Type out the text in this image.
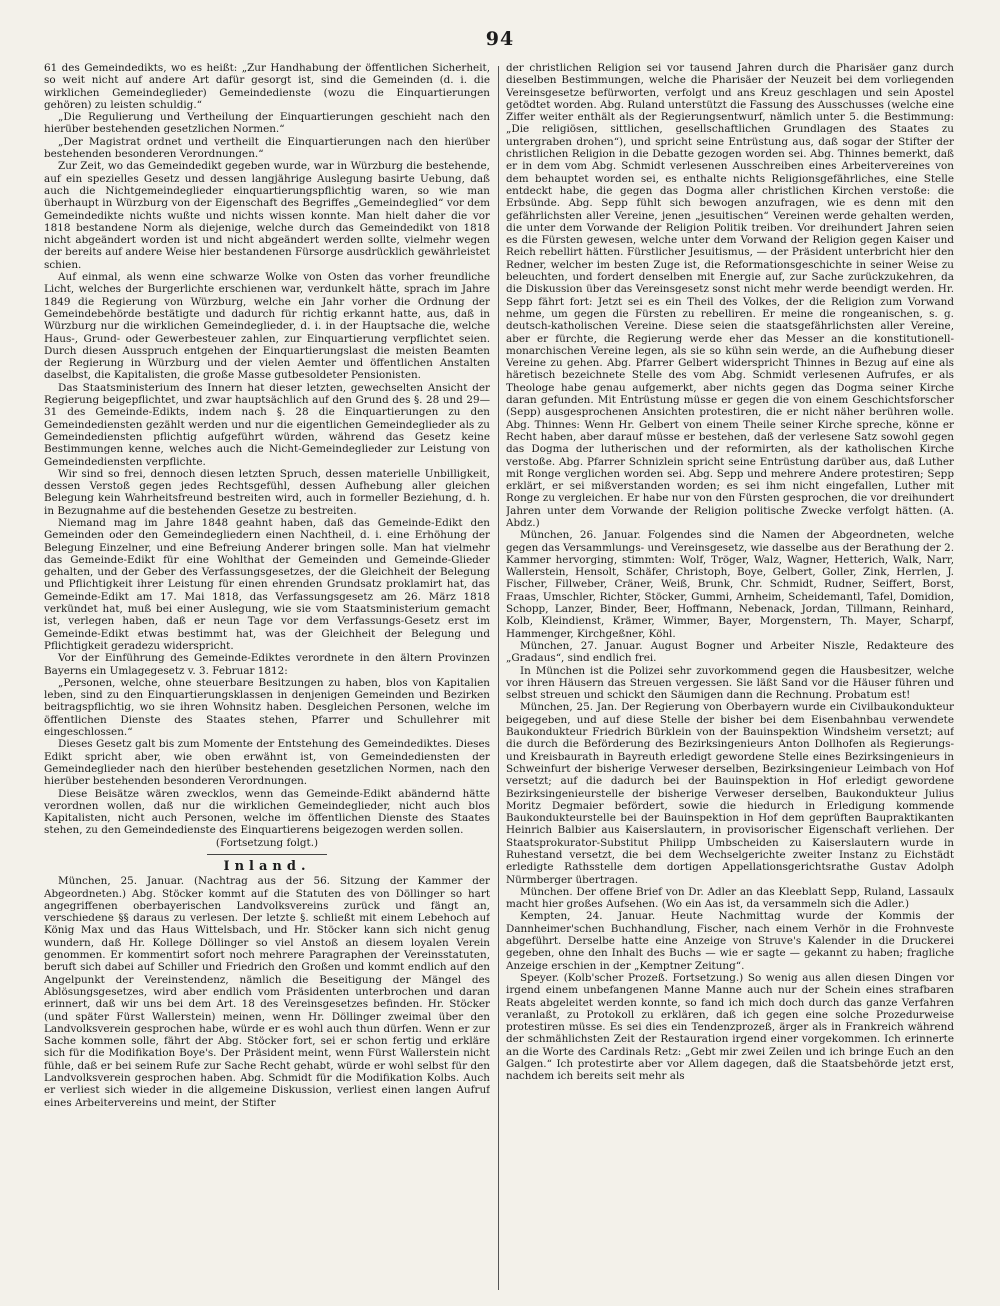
94

61 des Gemeindedikts, wo es heißt: „Zur Handhabung der öffentlichen Sicherheit, so weit nicht auf andere Art dafür gesorgt ist, sind die Gemeinden (d. i. die wirklichen Gemeindeglieder) Gemeindedienste (wozu die Einquartierungen gehören) zu leisten schuldig.“

„Die Regulierung und Vertheilung der Einquartierungen geschieht nach den hierüber bestehenden gesetzlichen Normen.“

„Der Magistrat ordnet und vertheilt die Einquartierungen nach den hierüber bestehenden besonderen Verordnungen.“

Zur Zeit, wo das Gemeindedikt gegeben wurde, war in Würzburg die bestehende, auf ein spezielles Gesetz und dessen langjährige Auslegung basirte Uebung, daß auch die Nichtgemeindeglieder einquartierungspflichtig waren, so wie man überhaupt in Würzburg von der Eigenschaft des Begriffes „Gemeindeglied“ vor dem Gemeindedikte nichts wußte und nichts wissen konnte. Man hielt daher die vor 1818 bestandene Norm als diejenige, welche durch das Gemeindedikt von 1818 nicht abgeändert worden ist und nicht abgeändert werden sollte, vielmehr wegen der bereits auf andere Weise hier bestandenen Fürsorge ausdrücklich gewährleistet schien.

Auf einmal, als wenn eine schwarze Wolke von Osten das vorher freundliche Licht, welches der Burgerlichte erschienen war, verdunkelt hätte, sprach im Jahre 1849 die Regierung von Würzburg, welche ein Jahr vorher die Ordnung der Gemeindebehörde bestätigte und dadurch für richtig erkannt hatte, aus, daß in Würzburg nur die wirklichen Gemeindeglieder, d. i. in der Hauptsache die, welche Haus-, Grund- oder Gewerbesteuer zahlen, zur Einquartierung verpflichtet seien. Durch diesen Ausspruch entgehen der Einquartierungslast die meisten Beamten der Regierung in Würzburg und der vielen Aemter und öffentlichen Anstalten daselbst, die Kapitalisten, die große Masse gutbesoldeter Pensionisten.

Das Staatsministerium des Innern hat dieser letzten, gewechselten Ansicht der Regierung beigepflichtet, und zwar hauptsächlich auf den Grund des §. 28 und 29—31 des Gemeinde-Edikts, indem nach §. 28 die Einquartierungen zu den Gemeindediensten gezählt werden und nur die eigentlichen Gemeindeglieder als zu Gemeindediensten pflichtig aufgeführt würden, während das Gesetz keine Bestimmungen kenne, welches auch die Nicht-Gemeindeglieder zur Leistung von Gemeindediensten verpflichte.

Wir sind so frei, dennoch diesen letzten Spruch, dessen materielle Unbilligkeit, dessen Verstoß gegen jedes Rechtsgefühl, dessen Aufhebung aller gleichen Belegung kein Wahrheitsfreund bestreiten wird, auch in formeller Beziehung, d. h. in Bezugnahme auf die bestehenden Gesetze zu bestreiten.

Niemand mag im Jahre 1848 geahnt haben, daß das Gemeinde-Edikt den Gemeinden oder den Gemeindegliedern einen Nachtheil, d. i. eine Erhöhung der Belegung Einzelner, und eine Befreiung Anderer bringen solle. Man hat vielmehr das Gemeinde-Edikt für eine Wohlthat der Gemeinden und Gemeinde-Glieder gehalten, und der Geber des Verfassungsgesetzes, der die Gleichheit der Belegung und Pflichtigkeit ihrer Leistung für einen ehrenden Grundsatz proklamirt hat, das Gemeinde-Edikt am 17. Mai 1818, das Verfassungsgesetz am 26. März 1818 verkündet hat, muß bei einer Auslegung, wie sie vom Staatsministerium gemacht ist, verlegen haben, daß er neun Tage vor dem Verfassungs-Gesetz erst im Gemeinde-Edikt etwas bestimmt hat, was der Gleichheit der Belegung und Pflichtigkeit geradezu widerspricht.

Vor der Einführung des Gemeinde-Ediktes verordnete in den ältern Provinzen Bayerns ein Umlagegesetz v. 3. Februar 1812:

„Personen, welche, ohne steuerbare Besitzungen zu haben, blos von Kapitalien leben, sind zu den Einquartierungsklassen in denjenigen Gemeinden und Bezirken beitragspflichtig, wo sie ihren Wohnsitz haben. Desgleichen Personen, welche im öffentlichen Dienste des Staates stehen, Pfarrer und Schullehrer mit eingeschlossen.“

Dieses Gesetz galt bis zum Momente der Entstehung des Gemeindediktes. Dieses Edikt spricht aber, wie oben erwähnt ist, von Gemeindediensten der Gemeindeglieder nach den hierüber bestehenden gesetzlichen Normen, nach den hierüber bestehenden besonderen Verordnungen.

Diese Beisätze wären zwecklos, wenn das Gemeinde-Edikt abändernd hätte verordnen wollen, daß nur die wirklichen Gemeindeglieder, nicht auch blos Kapitalisten, nicht auch Personen, welche im öffentlichen Dienste des Staates stehen, zu den Gemeindedienste des Einquartierens beigezogen werden sollen.

(Fortsetzung folgt.)

Inland.

München, 25. Januar. (Nachtrag aus der 56. Sitzung der Kammer der Abgeordneten.) Abg. Stöcker kommt auf die Statuten des von Döllinger so hart angegriffenen oberbayerischen Landvolksvereins zurück und fängt an, verschiedene §§ daraus zu verlesen. Der letzte §. schließt mit einem Lebehoch auf König Max und das Haus Wittelsbach, und Hr. Stöcker kann sich nicht genug wundern, daß Hr. Kollege Döllinger so viel Anstoß an diesem loyalen Verein genommen. Er kommentirt sofort noch mehrere Paragraphen der Vereinsstatuten, beruft sich dabei auf Schiller und Friedrich den Großen und kommt endlich auf den Angelpunkt der Vereinstendenz, nämlich die Beseitigung der Mängel des Ablösungsgesetzes, wird aber endlich vom Präsidenten unterbrochen und daran erinnert, daß wir uns bei dem Art. 18 des Vereinsgesetzes befinden. Hr. Stöcker (und später Fürst Wallerstein) meinen, wenn Hr. Döllinger zweimal über den Landvolksverein gesprochen habe, würde er es wohl auch thun dürfen. Wenn er zur Sache kommen solle, fährt der Abg. Stöcker fort, sei er schon fertig und erkläre sich für die Modifikation Boye's. Der Präsident meint, wenn Fürst Wallerstein nicht fühle, daß er bei seinem Rufe zur Sache Recht gehabt, würde er wohl selbst für den Landvolksverein gesprochen haben. Abg. Schmidt für die Modifikation Kolbs. Auch er verliest sich wieder in die allgemeine Diskussion, verliest einen langen Aufruf eines Arbeitervereins und meint, der Stifter

der christlichen Religion sei vor tausend Jahren durch die Pharisäer ganz durch dieselben Bestimmungen, welche die Pharisäer der Neuzeit bei dem vorliegenden Vereinsgesetze befürworten, verfolgt und ans Kreuz geschlagen und sein Apostel getödtet worden. Abg. Ruland unterstützt die Fassung des Ausschusses (welche eine Ziffer weiter enthält als der Regierungsentwurf, nämlich unter 5. die Bestimmung: „Die religiösen, sittlichen, gesellschaftlichen Grundlagen des Staates zu untergraben drohen“), und spricht seine Entrüstung aus, daß sogar der Stifter der christlichen Religion in die Debatte gezogen worden sei. Abg. Thinnes bemerkt, daß er in dem vom Abg. Schmidt verlesenen Ausschreiben eines Arbeitervereines von dem behauptet worden sei, es enthalte nichts Religionsgefährliches, eine Stelle entdeckt habe, die gegen das Dogma aller christlichen Kirchen verstoße: die Erbsünde. Abg. Sepp fühlt sich bewogen anzufragen, wie es denn mit den gefährlichsten aller Vereine, jenen „jesuitischen“ Vereinen werde gehalten werden, die unter dem Vorwande der Religion Politik treiben. Vor dreihundert Jahren seien es die Fürsten gewesen, welche unter dem Vorwand der Religion gegen Kaiser und Reich rebellirt hätten. Fürstlicher Jesuitismus, — der Präsident unterbricht hier den Redner, welcher im besten Zuge ist, die Reformationsgeschichte in seiner Weise zu beleuchten, und fordert denselben mit Energie auf, zur Sache zurückzukehren, da die Diskussion über das Vereinsgesetz sonst nicht mehr werde beendigt werden. Hr. Sepp fährt fort: Jetzt sei es ein Theil des Volkes, der die Religion zum Vorwand nehme, um gegen die Fürsten zu rebelliren. Er meine die rongeanischen, s. g. deutsch-katholischen Vereine. Diese seien die staatsgefährlichsten aller Vereine, aber er fürchte, die Regierung werde eher das Messer an die konstitutionell-monarchischen Vereine legen, als sie so kühn sein werde, an die Aufhebung dieser Vereine zu gehen. Abg. Pfarrer Gelbert widerspricht Thinnes in Bezug auf eine als häretisch bezeichnete Stelle des vom Abg. Schmidt verlesenen Aufrufes, er als Theologe habe genau aufgemerkt, aber nichts gegen das Dogma seiner Kirche daran gefunden. Mit Entrüstung müsse er gegen die von einem Geschichtsforscher (Sepp) ausgesprochenen Ansichten protestiren, die er nicht näher berühren wolle. Abg. Thinnes: Wenn Hr. Gelbert von einem Theile seiner Kirche spreche, könne er Recht haben, aber darauf müsse er bestehen, daß der verlesene Satz sowohl gegen das Dogma der lutherischen und der reformirten, als der katholischen Kirche verstoße. Abg. Pfarrer Schnizlein spricht seine Entrüstung darüber aus, daß Luther mit Ronge verglichen worden sei. Abg. Sepp und mehrere Andere protestiren; Sepp erklärt, er sei mißverstanden worden; es sei ihm nicht eingefallen, Luther mit Ronge zu vergleichen. Er habe nur von den Fürsten gesprochen, die vor dreihundert Jahren unter dem Vorwande der Religion politische Zwecke verfolgt hätten. (A. Abdz.)

München, 26. Januar. Folgendes sind die Namen der Abgeordneten, welche gegen das Versammlungs- und Vereinsgesetz, wie dasselbe aus der Berathung der 2. Kammer hervorging, stimmten: Wolf, Tröger, Walz, Wagner, Hetterich, Walk, Narr, Wallerstein, Hensolt, Schäfer, Christoph, Boye, Gelbert, Goller, Zink, Herrlen, J. Fischer, Fillweber, Cräner, Weiß, Brunk, Chr. Schmidt, Rudner, Seiffert, Borst, Fraas, Umschler, Richter, Stöcker, Gummi, Arnheim, Scheidemantl, Tafel, Domidion, Schopp, Lanzer, Binder, Beer, Hoffmann, Nebenack, Jordan, Tillmann, Reinhard, Kolb, Kleindienst, Krämer, Wimmer, Bayer, Morgenstern, Th. Mayer, Scharpf, Hammenger, Kirchgeßner, Köhl.

München, 27. Januar. August Bogner und Arbeiter Niszle, Redakteure des „Gradaus“, sind endlich frei.

In München ist die Polizei sehr zuvorkommend gegen die Hausbesitzer, welche vor ihren Häusern das Streuen vergessen. Sie läßt Sand vor die Häuser führen und selbst streuen und schickt den Säumigen dann die Rechnung. Probatum est!

München, 25. Jan. Der Regierung von Oberbayern wurde ein Civilbaukondukteur beigegeben, und auf diese Stelle der bisher bei dem Eisenbahnbau verwendete Baukondukteur Friedrich Bürklein von der Bauinspektion Windsheim versetzt; auf die durch die Beförderung des Bezirksingenieurs Anton Dollhofen als Regierungs- und Kreisbaurath in Bayreuth erledigt gewordene Stelle eines Bezirksingenieurs in Schweinfurt der bisherige Verweser derselben, Bezirksingenieur Leimbach von Hof versetzt; auf die dadurch bei der Bauinspektion in Hof erledigt gewordene Bezirksingenieurstelle der bisherige Verweser derselben, Baukondukteur Julius Moritz Degmaier befördert, sowie die hiedurch in Erledigung kommende Baukondukteurstelle bei der Bauinspektion in Hof dem geprüften Baupraktikanten Heinrich Balbier aus Kaiserslautern, in provisorischer Eigenschaft verliehen. Der Staatsprokurator-Substitut Philipp Umbscheiden zu Kaiserslautern wurde in Ruhestand versetzt, die bei dem Wechselgerichte zweiter Instanz zu Eichstädt erledigte Rathsstelle dem dortigen Appellationsgerichtsrathe Gustav Adolph Nürmberger übertragen.

München. Der offene Brief von Dr. Adler an das Kleeblatt Sepp, Ruland, Lassaulx macht hier großes Aufsehen. (Wo ein Aas ist, da versammeln sich die Adler.)

Kempten, 24. Januar. Heute Nachmittag wurde der Kommis der Dannheimer'schen Buchhandlung, Fischer, nach einem Verhör in die Frohnveste abgeführt. Derselbe hatte eine Anzeige von Struve's Kalender in die Druckerei gegeben, ohne den Inhalt des Buchs — wie er sagte — gekannt zu haben; fragliche Anzeige erschien in der „Kemptner Zeitung“.

Speyer. (Kolb'scher Prozeß. Fortsetzung.) So wenig aus allen diesen Dingen vor irgend einem unbefangenen Manne Manne auch nur der Schein eines strafbaren Reats abgeleitet werden konnte, so fand ich mich doch durch das ganze Verfahren veranlaßt, zu Protokoll zu erklären, daß ich gegen eine solche Prozedurweise protestiren müsse. Es sei dies ein Tendenzprozeß, ärger als in Frankreich während der schmählichsten Zeit der Restauration irgend einer vorgekommen. Ich erinnerte an die Worte des Cardinals Retz: „Gebt mir zwei Zeilen und ich bringe Euch an den Galgen.“ Ich protestirte aber vor Allem dagegen, daß die Staatsbehörde jetzt erst, nachdem ich bereits seit mehr als
